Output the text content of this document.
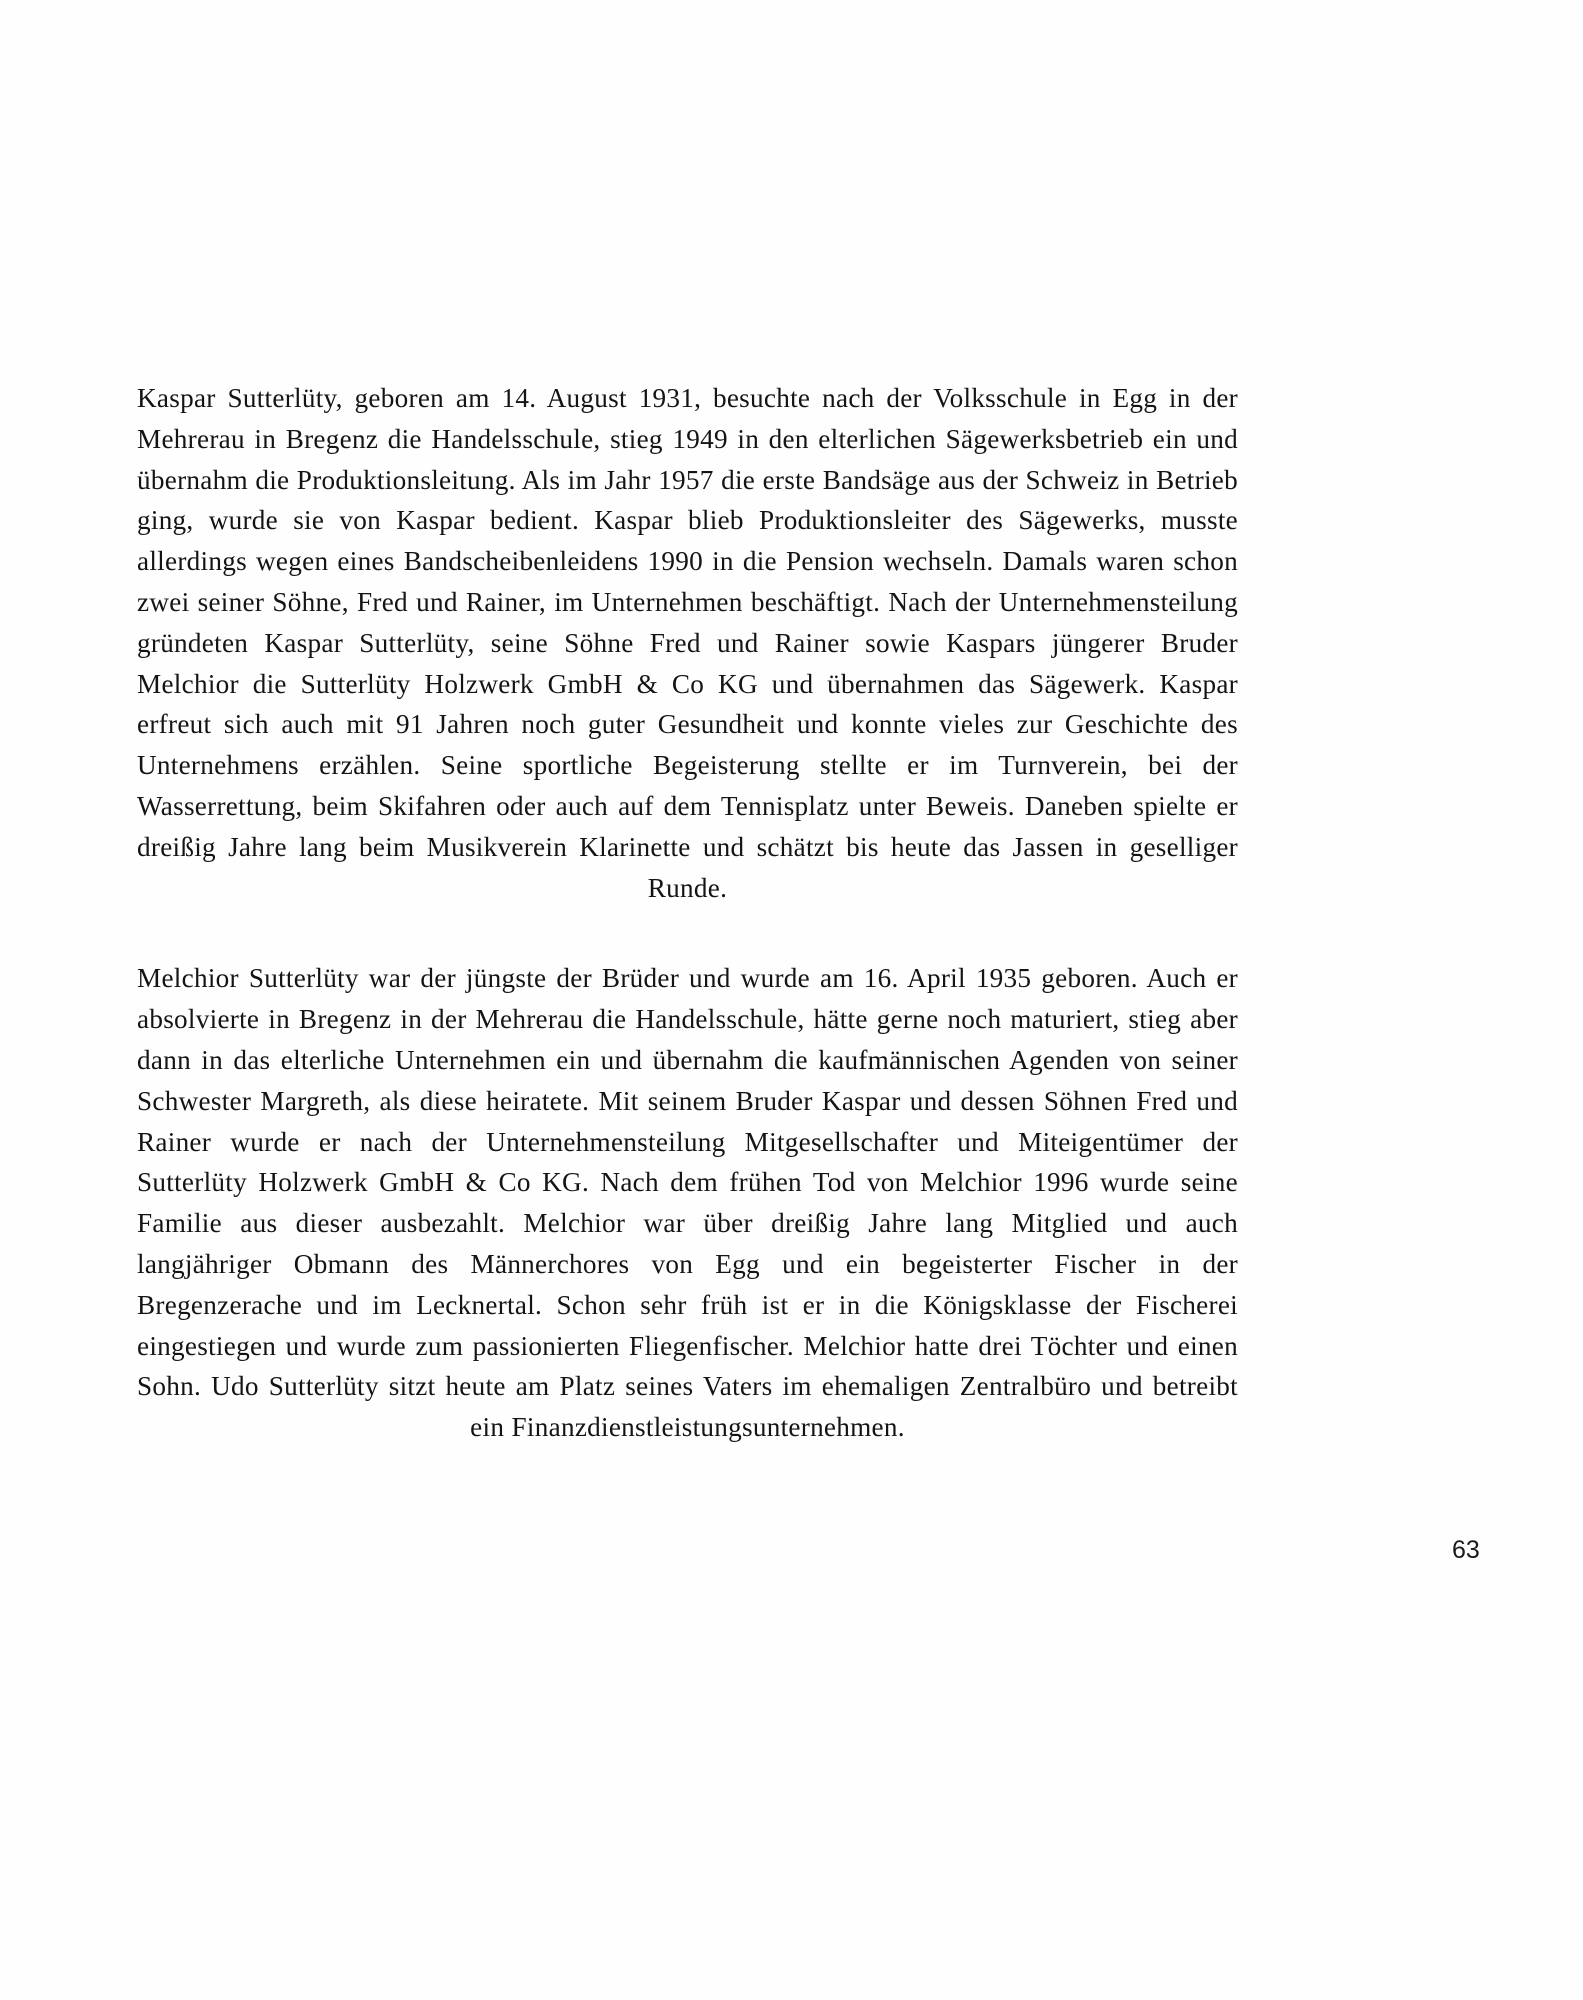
Kaspar Sutterlüty, geboren am 14. August 1931, besuchte nach der Volksschule in Egg in der Mehrerau in Bregenz die Handelsschule, stieg 1949 in den elterlichen Sägewerksbetrieb ein und übernahm die Produktionsleitung. Als im Jahr 1957 die erste Bandsäge aus der Schweiz in Betrieb ging, wurde sie von Kaspar bedient. Kaspar blieb Produktionsleiter des Sägewerks, musste allerdings wegen eines Bandscheibenleidens 1990 in die Pension wechseln. Damals waren schon zwei seiner Söhne, Fred und Rainer, im Unternehmen beschäftigt. Nach der Unternehmensteilung gründeten Kaspar Sutterlüty, seine Söhne Fred und Rainer sowie Kaspars jüngerer Bruder Melchior die Sutterlüty Holzwerk GmbH & Co KG und übernahmen das Sägewerk. Kaspar erfreut sich auch mit 91 Jahren noch guter Gesundheit und konnte vieles zur Geschichte des Unternehmens erzählen. Seine sportliche Begeisterung stellte er im Turnverein, bei der Wasserrettung, beim Skifahren oder auch auf dem Tennisplatz unter Beweis. Daneben spielte er dreißig Jahre lang beim Musikverein Klarinette und schätzt bis heute das Jassen in geselliger Runde.

Melchior Sutterlüty war der jüngste der Brüder und wurde am 16. April 1935 geboren. Auch er absolvierte in Bregenz in der Mehrerau die Handelsschule, hätte gerne noch maturiert, stieg aber dann in das elterliche Unternehmen ein und übernahm die kaufmännischen Agenden von seiner Schwester Margreth, als diese heiratete. Mit seinem Bruder Kaspar und dessen Söhnen Fred und Rainer wurde er nach der Unternehmensteilung Mitgesellschafter und Miteigentümer der Sutterlüty Holzwerk GmbH & Co KG. Nach dem frühen Tod von Melchior 1996 wurde seine Familie aus dieser ausbezahlt. Melchior war über dreißig Jahre lang Mitglied und auch langjähriger Obmann des Männerchores von Egg und ein begeisterter Fischer in der Bregenzerache und im Lecknertal. Schon sehr früh ist er in die Königsklasse der Fischerei eingestiegen und wurde zum passionierten Fliegenfischer. Melchior hatte drei Töchter und einen Sohn. Udo Sutterlüty sitzt heute am Platz seines Vaters im ehemaligen Zentralbüro und betreibt ein Finanzdienstleistungsunternehmen.

63
